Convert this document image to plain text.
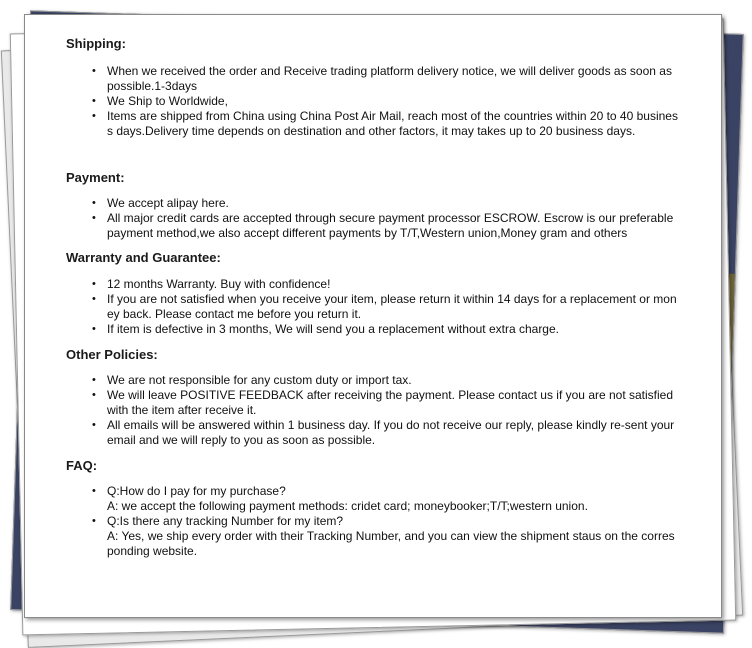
Shipping:
• When we received the order and Receive trading platform delivery notice, we will deliver goods as soon as possible.1-3days
• We Ship to Worldwide,
• Items are shipped from China using China Post Air Mail, reach most of the countries within 20 to 40 business days.Delivery time depends on destination and other factors, it may takes up to 20 business days.
Payment:
• We accept alipay here.
• All major credit cards are accepted through secure payment processor ESCROW. Escrow is our preferable payment method,we also accept different payments by T/T,Western union,Money gram and others
Warranty and Guarantee:
• 12 months Warranty. Buy with confidence!
• If you are not satisfied when you receive your item, please return it within 14 days for a replacement or money back. Please contact me before you return it.
• If item is defective in 3 months, We will send you a replacement without extra charge.
Other Policies:
• We are not responsible for any custom duty or import tax.
• We will leave POSITIVE FEEDBACK after receiving the payment. Please contact us if you are not satisfied with the item after receive it.
• All emails will be answered within 1 business day. If you do not receive our reply, please kindly re-sent your email and we will reply to you as soon as possible.
FAQ:
• Q:How do I pay for my purchase?
A: we accept the following payment methods: cridet card; moneybooker;T/T;western union.
• Q:Is there any tracking Number for my item?
A: Yes, we ship every order with their Tracking Number, and you can view the shipment staus on the corresponding website.
